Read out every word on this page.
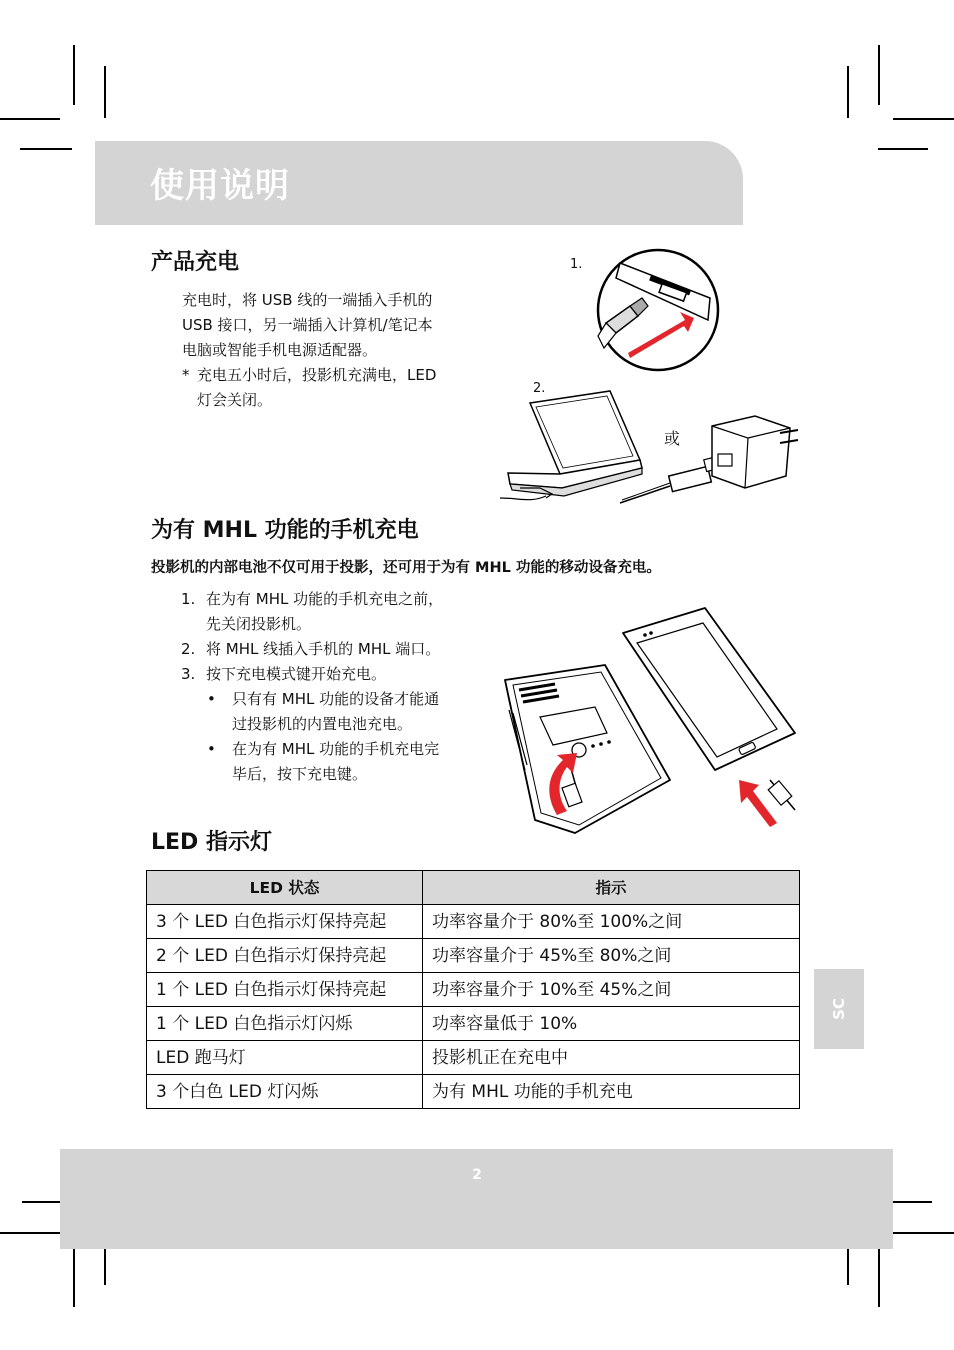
使用说明
产品充电

充电时，将 USB 线的一端插入手机的

USB 接口，另一端插入计算机/笔记本

电脑或智能手机电源适配器。

* 充电五小时后，投影机充满电，LED

灯会关闭。

1.
2.
或
为有 MHL 功能的手机充电
投影机的内部电池不仅可用于投影，还可用于为有 MHL 功能的移动设备充电。
1. 在为有 MHL 功能的手机充电之前，
先关闭投影机。
2. 将 MHL 线插入手机的 MHL 端口。
3. 按下充电模式键开始充电。
•	只有有 MHL 功能的设备才能通
过投影机的内置电池充电。
•	在为有 MHL 功能的手机充电完
毕后，按下充电键。
LED 指示灯
LED 状态	指示
3 个 LED 白色指示灯保持亮起	功率容量介于 80%至 100%之间
2 个 LED 白色指示灯保持亮起	功率容量介于 45%至 80%之间
1 个 LED 白色指示灯保持亮起	功率容量介于 10%至 45%之间
1 个 LED 白色指示灯闪烁	功率容量低于 10%
LED 跑马灯	投影机正在充电中
3 个白色 LED 灯闪烁	为有 MHL 功能的手机充电
SC
2
